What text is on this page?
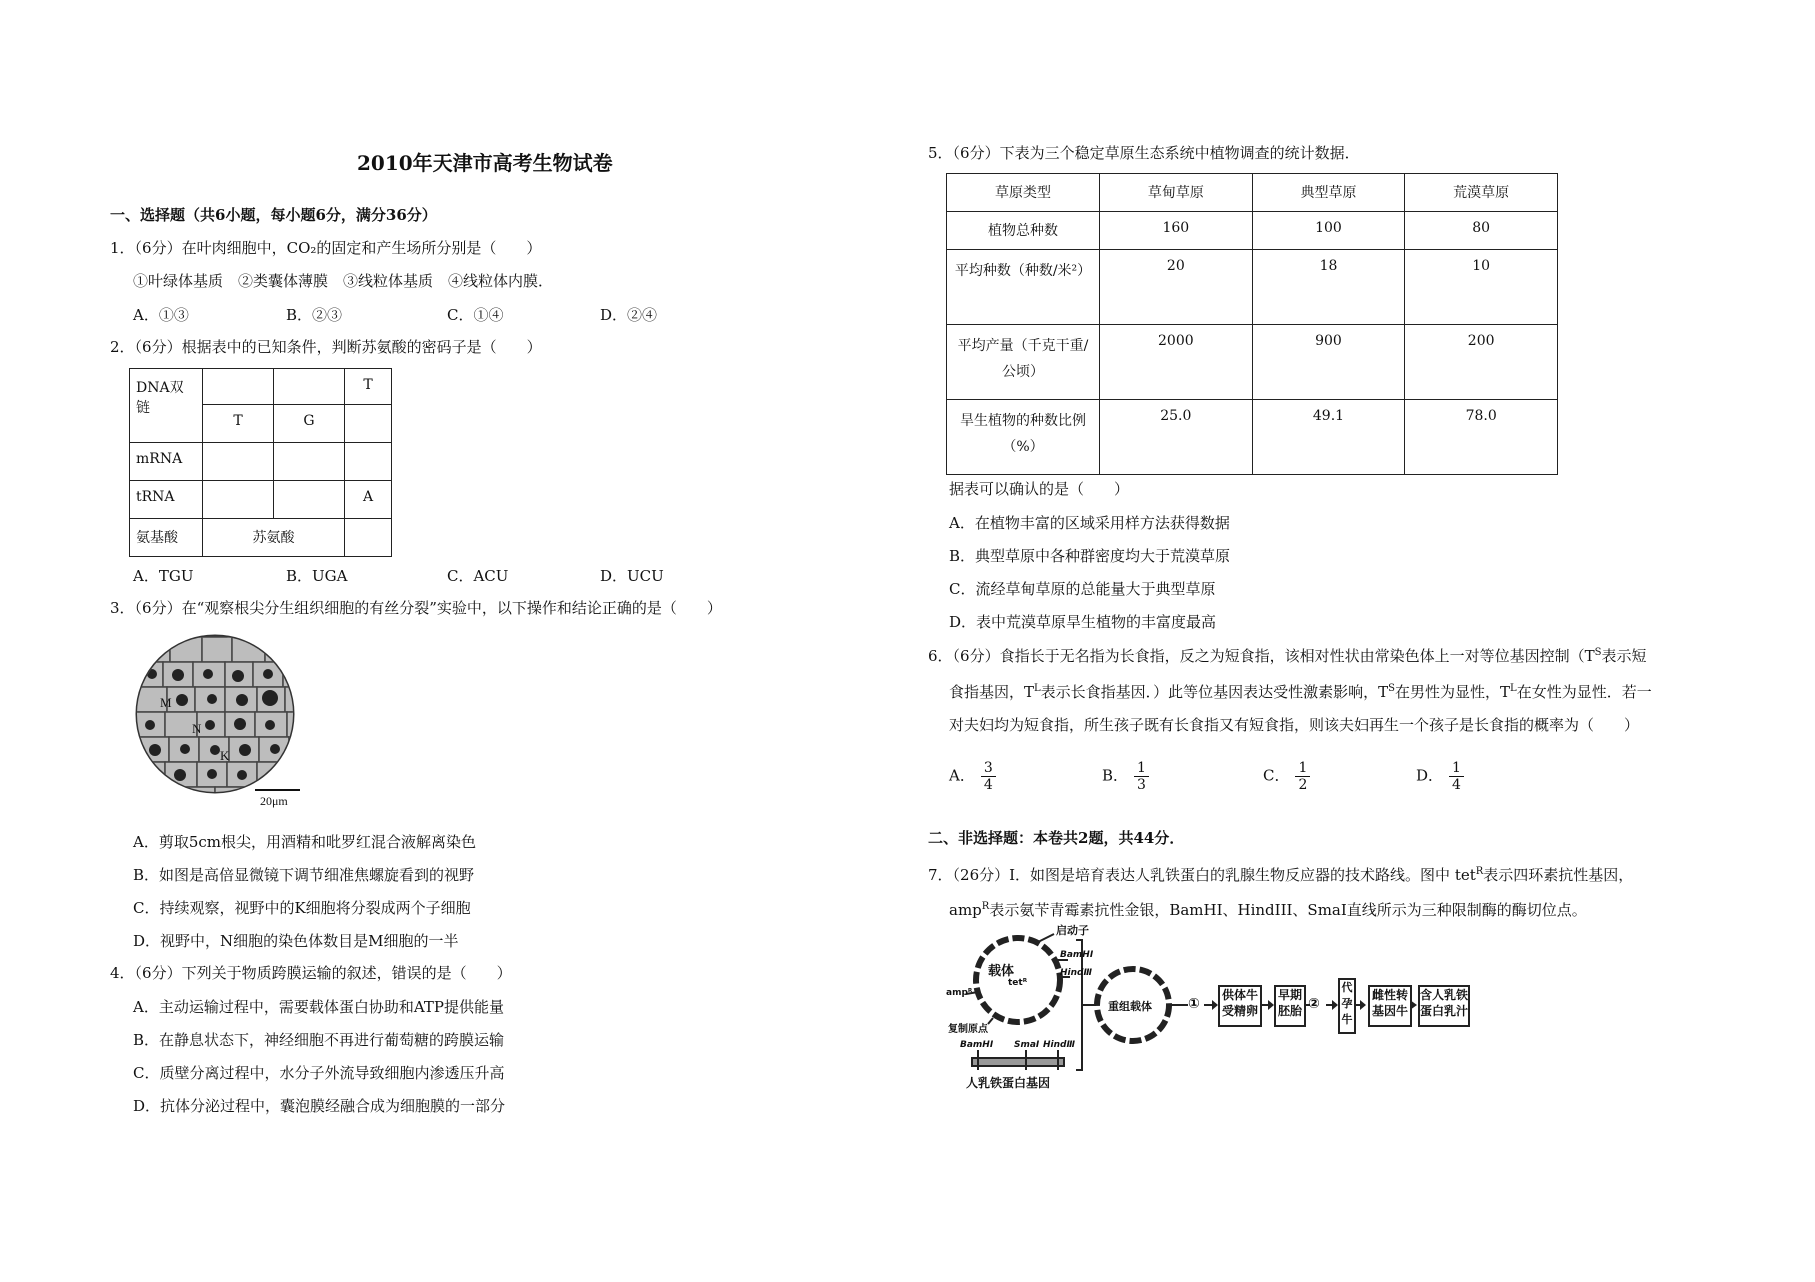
2010年天津市高考生物试卷
一、选择题（共6小题，每小题6分，满分36分）
1．（6分）在叶肉细胞中，CO₂的固定和产生场所分别是（　　）
①叶绿体基质　②类囊体薄膜　③线粒体基质　④线粒体内膜．
A．①③	B．②③	C．①④	D．②④
2．（6分）根据表中的已知条件，判断苏氨酸的密码子是（　　）
DNA双链			T
	T	G	
mRNA			
tRNA			A
氨基酸	苏氨酸		
A．TGU	B．UGA	C．ACU	D．UCU
3．（6分）在“观察根尖分生组织细胞的有丝分裂”实验中，以下操作和结论正确的是（　　）
M
N
K
20μm
A．剪取5cm根尖，用酒精和吡罗红混合液解离染色
B．如图是高倍显微镜下调节细准焦螺旋看到的视野
C．持续观察，视野中的K细胞将分裂成两个子细胞
D．视野中，N细胞的染色体数目是M细胞的一半
4．（6分）下列关于物质跨膜运输的叙述，错误的是（　　）
A．主动运输过程中，需要载体蛋白协助和ATP提供能量
B．在静息状态下，神经细胞不再进行葡萄糖的跨膜运输
C．质壁分离过程中，水分子外流导致细胞内渗透压升高
D．抗体分泌过程中，囊泡膜经融合成为细胞膜的一部分
5．（6分）下表为三个稳定草原生态系统中植物调查的统计数据．
草原类型	草甸草原	典型草原	荒漠草原
植物总种数	160	100	80
平均种数（种数/米²）	20	18	10
平均产量（千克干重/公顷）	2000	900	200
旱生植物的种数比例（%）	25.0	49.1	78.0
据表可以确认的是（　　）
A．在植物丰富的区域采用样方法获得数据
B．典型草原中各种群密度均大于荒漠草原
C．流经草甸草原的总能量大于典型草原
D．表中荒漠草原旱生植物的丰富度最高
6．（6分）食指长于无名指为长食指，反之为短食指，该相对性状由常染色体上一对等位基因控制（$T^S$表示短
食指基因，$T^L$表示长食指基因．）此等位基因表达受性激素影响，$T^S$在男性为显性，$T^L$在女性为显性．若一
对夫妇均为短食指，所生孩子既有长食指又有短食指，则该夫妇再生一个孩子是长食指的概率为（　　）
A． $\frac{3}{4}$	B． $\frac{1}{3}$	C． $\frac{1}{2}$	D． $\frac{1}{4}$
二、非选择题：本卷共2题，共44分．
7．（26分）Ⅰ．如图是培育表达人乳铁蛋白的乳腺生物反应器的技术路线。图中 tet$^R$表示四环素抗性基因，
amp$^R$表示氨苄青霉素抗性金银，BamHI、HindIII、SmaI直线所示为三种限制酶的酶切位点。
启动子
载体
tetᴿ
BamHⅠ
HindⅢ
ampᴿ
复制原点
BamHⅠ SmaⅠ HindⅢ
人乳铁蛋白基因
重组载体	①
供体牛受精卵
早期胚胎 ②
代孕牛
雌性转基因牛
含人乳铁蛋白乳汁
